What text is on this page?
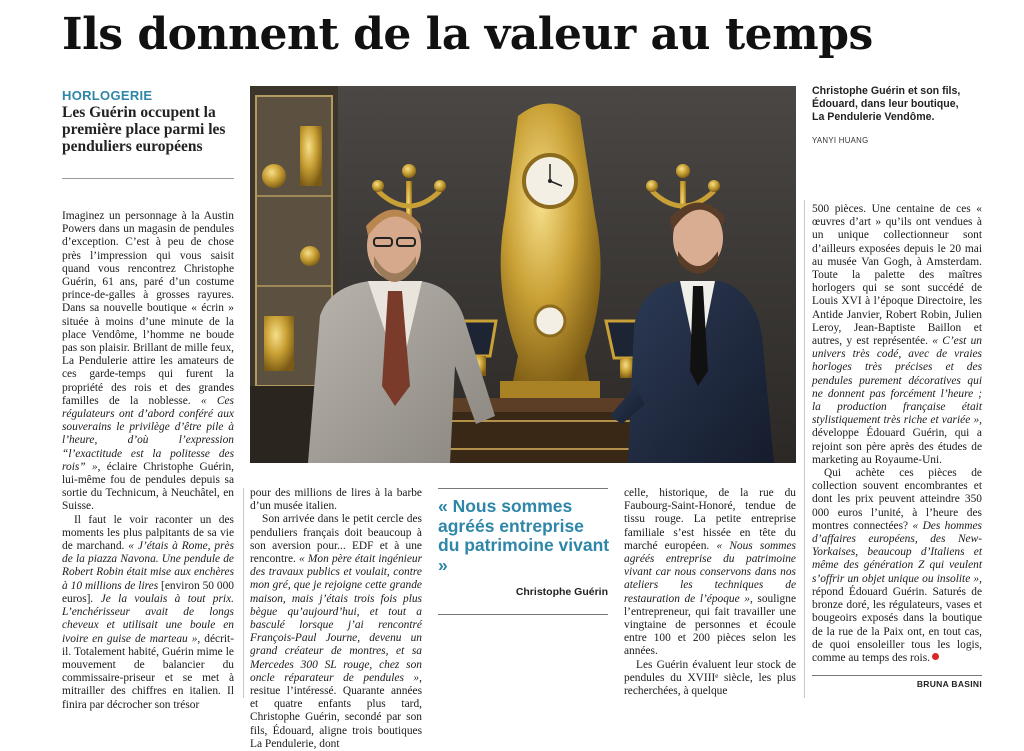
Ils donnent de la valeur au temps
HORLOGERIE
Les Guérin occupent la première place parmi les penduliers européens
Christophe Guérin et son fils, Édouard, dans leur boutique, La Pendulerie Vendôme.
YANYI HUANG

Imaginez un personnage à la Austin Powers dans un magasin de pendules d’exception. C’est à peu de chose près l’impression qui vous saisit quand vous rencontrez Christophe Guérin, 61 ans, paré d’un costume prince-de-galles à grosses rayures. Dans sa nouvelle boutique « écrin » située à moins d’une minute de la place Vendôme, l’homme ne boude pas son plaisir. Brillant de mille feux, La Pendulerie attire les amateurs de ces garde-temps qui furent la propriété des rois et des grandes familles de la noblesse. « Ces régulateurs ont d’abord conféré aux souverains le privilège d’être pile à l’heure, d’où l’expression “l’exactitude est la politesse des rois” », éclaire Christophe Guérin, lui-même fou de pendules depuis sa sortie du Technicum, à Neuchâtel, en Suisse.

Il faut le voir raconter un des moments les plus palpitants de sa vie de marchand. « J’étais à Rome, près de la piazza Navona. Une pendule de Robert Robin était mise aux enchères à 10 millions de lires [environ 50 000 euros]. Je la voulais à tout prix. L’enchérisseur avait de longs cheveux et utilisait une boule en ivoire en guise de marteau », décrit-il. Totalement habité, Guérin mime le mouvement de balancier du commissaire-priseur et se met à mitrailler des chiffres en italien. Il finira par décrocher son trésor

pour des millions de lires à la barbe d’un musée italien.

Son arrivée dans le petit cercle des penduliers français doit beaucoup à son aversion pour... EDF et à une rencontre. « Mon père était ingénieur des travaux publics et voulait, contre mon gré, que je rejoigne cette grande maison, mais j’étais trois fois plus bègue qu’aujourd’hui, et tout a basculé lorsque j’ai rencontré François-Paul Journe, devenu un grand créateur de montres, et sa Mercedes 300 SL rouge, chez son oncle réparateur de pendules », resitue l’intéressé. Quarante années et quatre enfants plus tard, Christophe Guérin, secondé par son fils, Édouard, aligne trois boutiques La Pendulerie, dont

« Nous sommes agréés entreprise du patrimoine vivant »
Christophe Guérin

celle, historique, de la rue du Faubourg-Saint-Honoré, tendue de tissu rouge. La petite entreprise familiale s’est hissée en tête du marché européen. « Nous sommes agréés entreprise du patrimoine vivant car nous conservons dans nos ateliers les techniques de restauration de l’époque », souligne l’entrepreneur, qui fait travailler une vingtaine de personnes et écoule entre 100 et 200 pièces selon les années.

Les Guérin évaluent leur stock de pendules du XVIIIᵉ siècle, les plus recherchées, à quelque

500 pièces. Une centaine de ces « œuvres d’art » qu’ils ont vendues à un unique collectionneur sont d’ailleurs exposées depuis le 20 mai au musée Van Gogh, à Amsterdam. Toute la palette des maîtres horlogers qui se sont succédé de Louis XVI à l’époque Directoire, les Antide Janvier, Robert Robin, Julien Leroy, Jean-Baptiste Baillon et autres, y est représentée. « C’est un univers très codé, avec de vraies horloges très précises et des pendules purement décoratives qui ne donnent pas forcément l’heure ; la production française était stylistiquement très riche et variée », développe Édouard Guérin, qui a rejoint son père après des études de marketing au Royaume-Uni.

Qui achète ces pièces de collection souvent encombrantes et dont les prix peuvent atteindre 350 000 euros l’unité, à l’heure des montres connectées? « Des hommes d’affaires européens, des New-Yorkaises, beaucoup d’Italiens et même des génération Z qui veulent s’offrir un objet unique ou insolite », répond Édouard Guérin. Saturés de bronze doré, les régulateurs, vases et bougeoirs exposés dans la boutique de la rue de la Paix ont, en tout cas, de quoi ensoleiller tous les logis, comme au temps des rois.

BRUNA BASINI
